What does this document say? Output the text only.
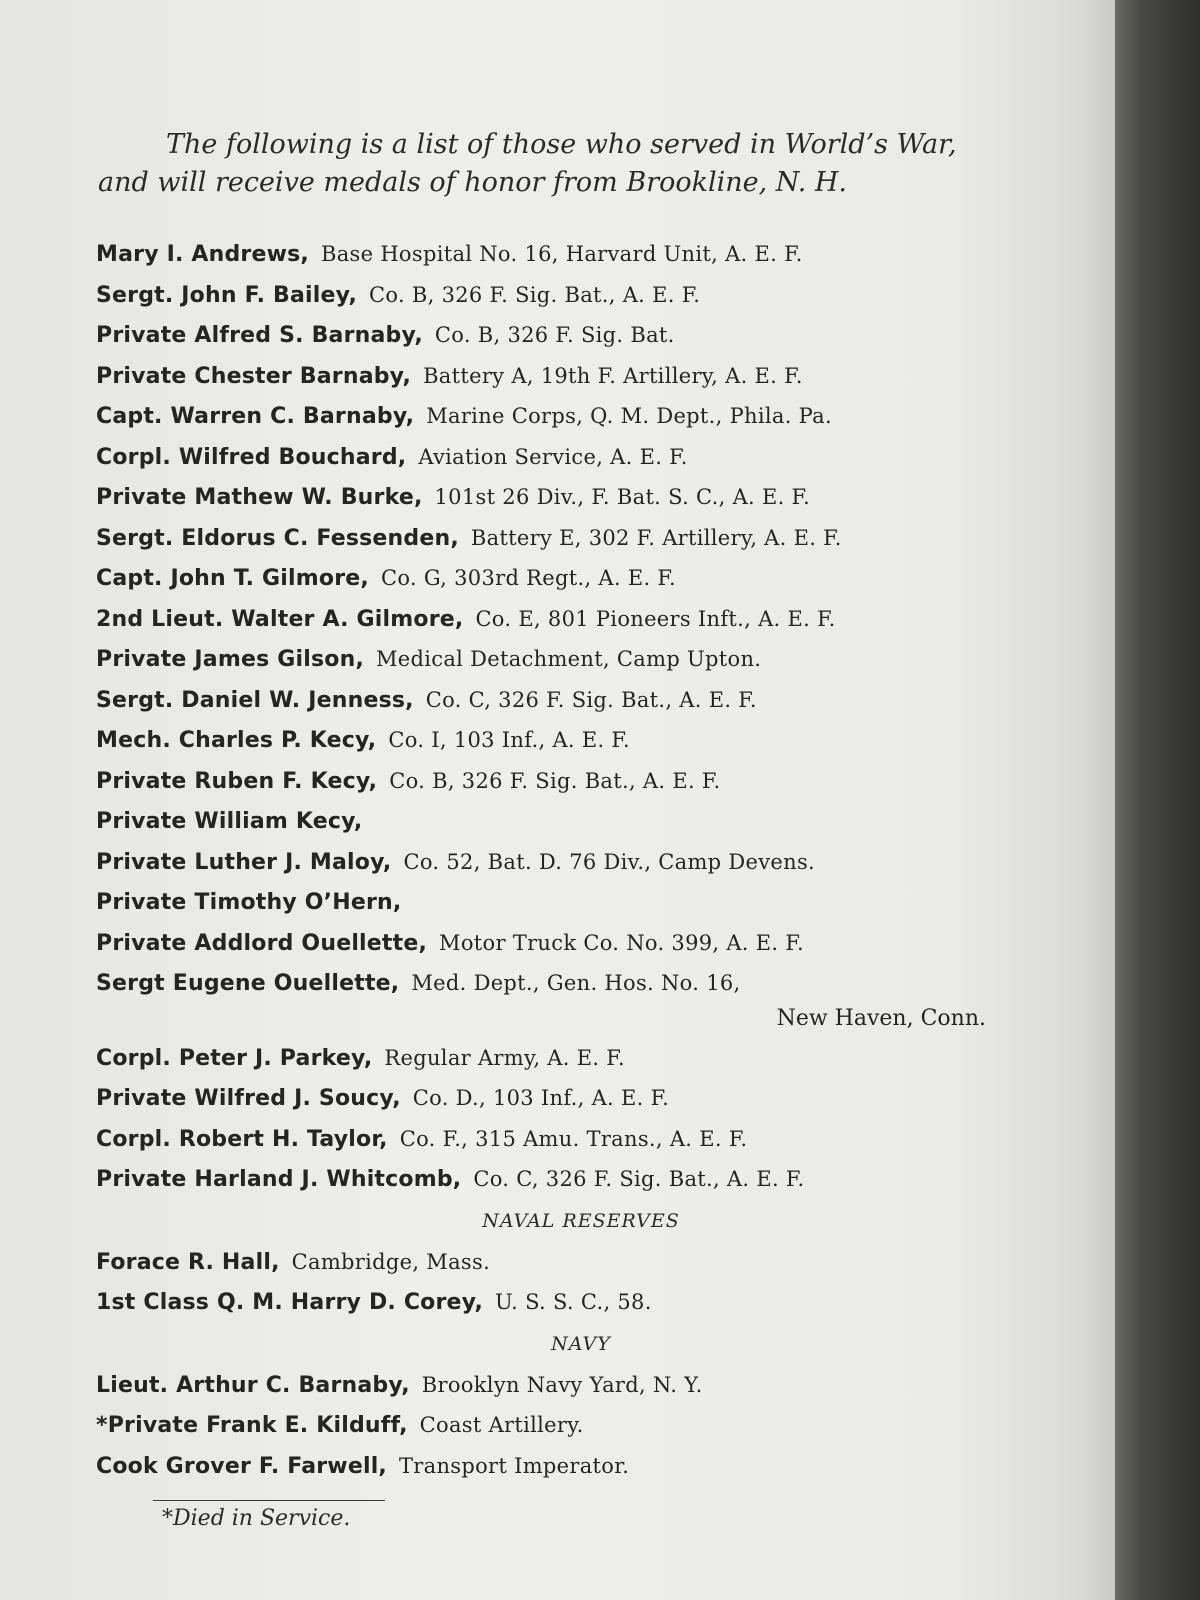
The following is a list of those who served in World’s War, and will receive medals of honor from Brookline, N. H.

Mary I. Andrews, Base Hospital No. 16, Harvard Unit, A. E. F.
Sergt. John F. Bailey, Co. B, 326 F. Sig. Bat., A. E. F.
Private Alfred S. Barnaby, Co. B, 326 F. Sig. Bat.
Private Chester Barnaby, Battery A, 19th F. Artillery, A. E. F.
Capt. Warren C. Barnaby, Marine Corps, Q. M. Dept., Phila. Pa.
Corpl. Wilfred Bouchard, Aviation Service, A. E. F.
Private Mathew W. Burke, 101st 26 Div., F. Bat. S. C., A. E. F.
Sergt. Eldorus C. Fessenden, Battery E, 302 F. Artillery, A. E. F.
Capt. John T. Gilmore, Co. G, 303rd Regt., A. E. F.
2nd Lieut. Walter A. Gilmore, Co. E, 801 Pioneers Inft., A. E. F.
Private James Gilson, Medical Detachment, Camp Upton.
Sergt. Daniel W. Jenness, Co. C, 326 F. Sig. Bat., A. E. F.
Mech. Charles P. Kecy, Co. I, 103 Inf., A. E. F.
Private Ruben F. Kecy, Co. B, 326 F. Sig. Bat., A. E. F.
Private William Kecy,
Private Luther J. Maloy, Co. 52, Bat. D. 76 Div., Camp Devens.
Private Timothy O’Hern,
Private Addlord Ouellette, Motor Truck Co. No. 399, A. E. F.
Sergt Eugene Ouellette, Med. Dept., Gen. Hos. No. 16,
New Haven, Conn.
Corpl. Peter J. Parkey, Regular Army, A. E. F.
Private Wilfred J. Soucy, Co. D., 103 Inf., A. E. F.
Corpl. Robert H. Taylor, Co. F., 315 Amu. Trans., A. E. F.
Private Harland J. Whitcomb, Co. C, 326 F. Sig. Bat., A. E. F.
NAVAL RESERVES
Forace R. Hall, Cambridge, Mass.
1st Class Q. M. Harry D. Corey, U. S. S. C., 58.
NAVY
Lieut. Arthur C. Barnaby, Brooklyn Navy Yard, N. Y.
*Private Frank E. Kilduff, Coast Artillery.
Cook Grover F. Farwell, Transport Imperator.
*Died in Service.
